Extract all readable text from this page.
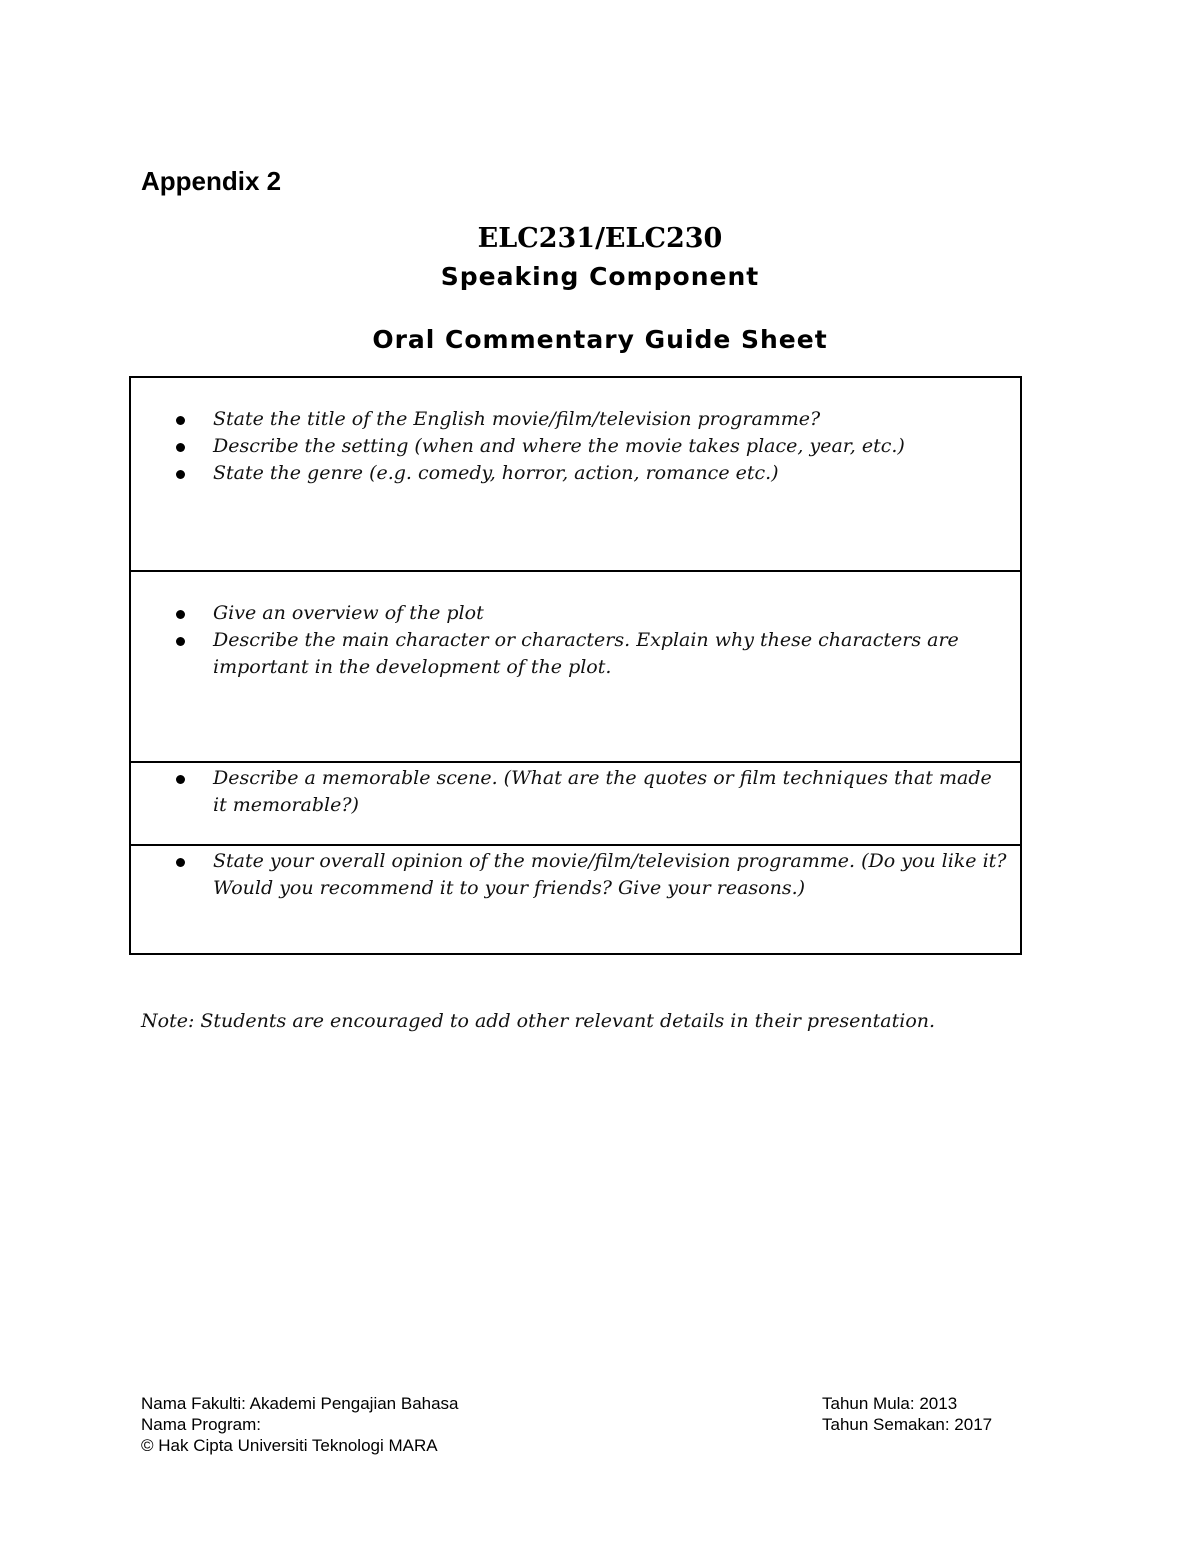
Appendix 2
ELC231/ELC230
Speaking Component
Oral Commentary Guide Sheet
State the title of the English movie/film/television programme?
Describe the setting (when and where the movie takes place, year, etc.)
State the genre (e.g. comedy, horror, action, romance etc.)

Give an overview of the plot
Describe the main character or characters. Explain why these characters are important in the development of the plot.

Describe a memorable scene. (What are the quotes or film techniques that made it memorable?)

State your overall opinion of the movie/film/television programme. (Do you like it? Would you recommend it to your friends? Give your reasons.)

Note: Students are encouraged to add other relevant details in their presentation.

Nama Fakulti: Akademi Pengajian Bahasa
Nama Program:
© Hak Cipta Universiti Teknologi MARA
Tahun Mula: 2013
Tahun Semakan: 2017
